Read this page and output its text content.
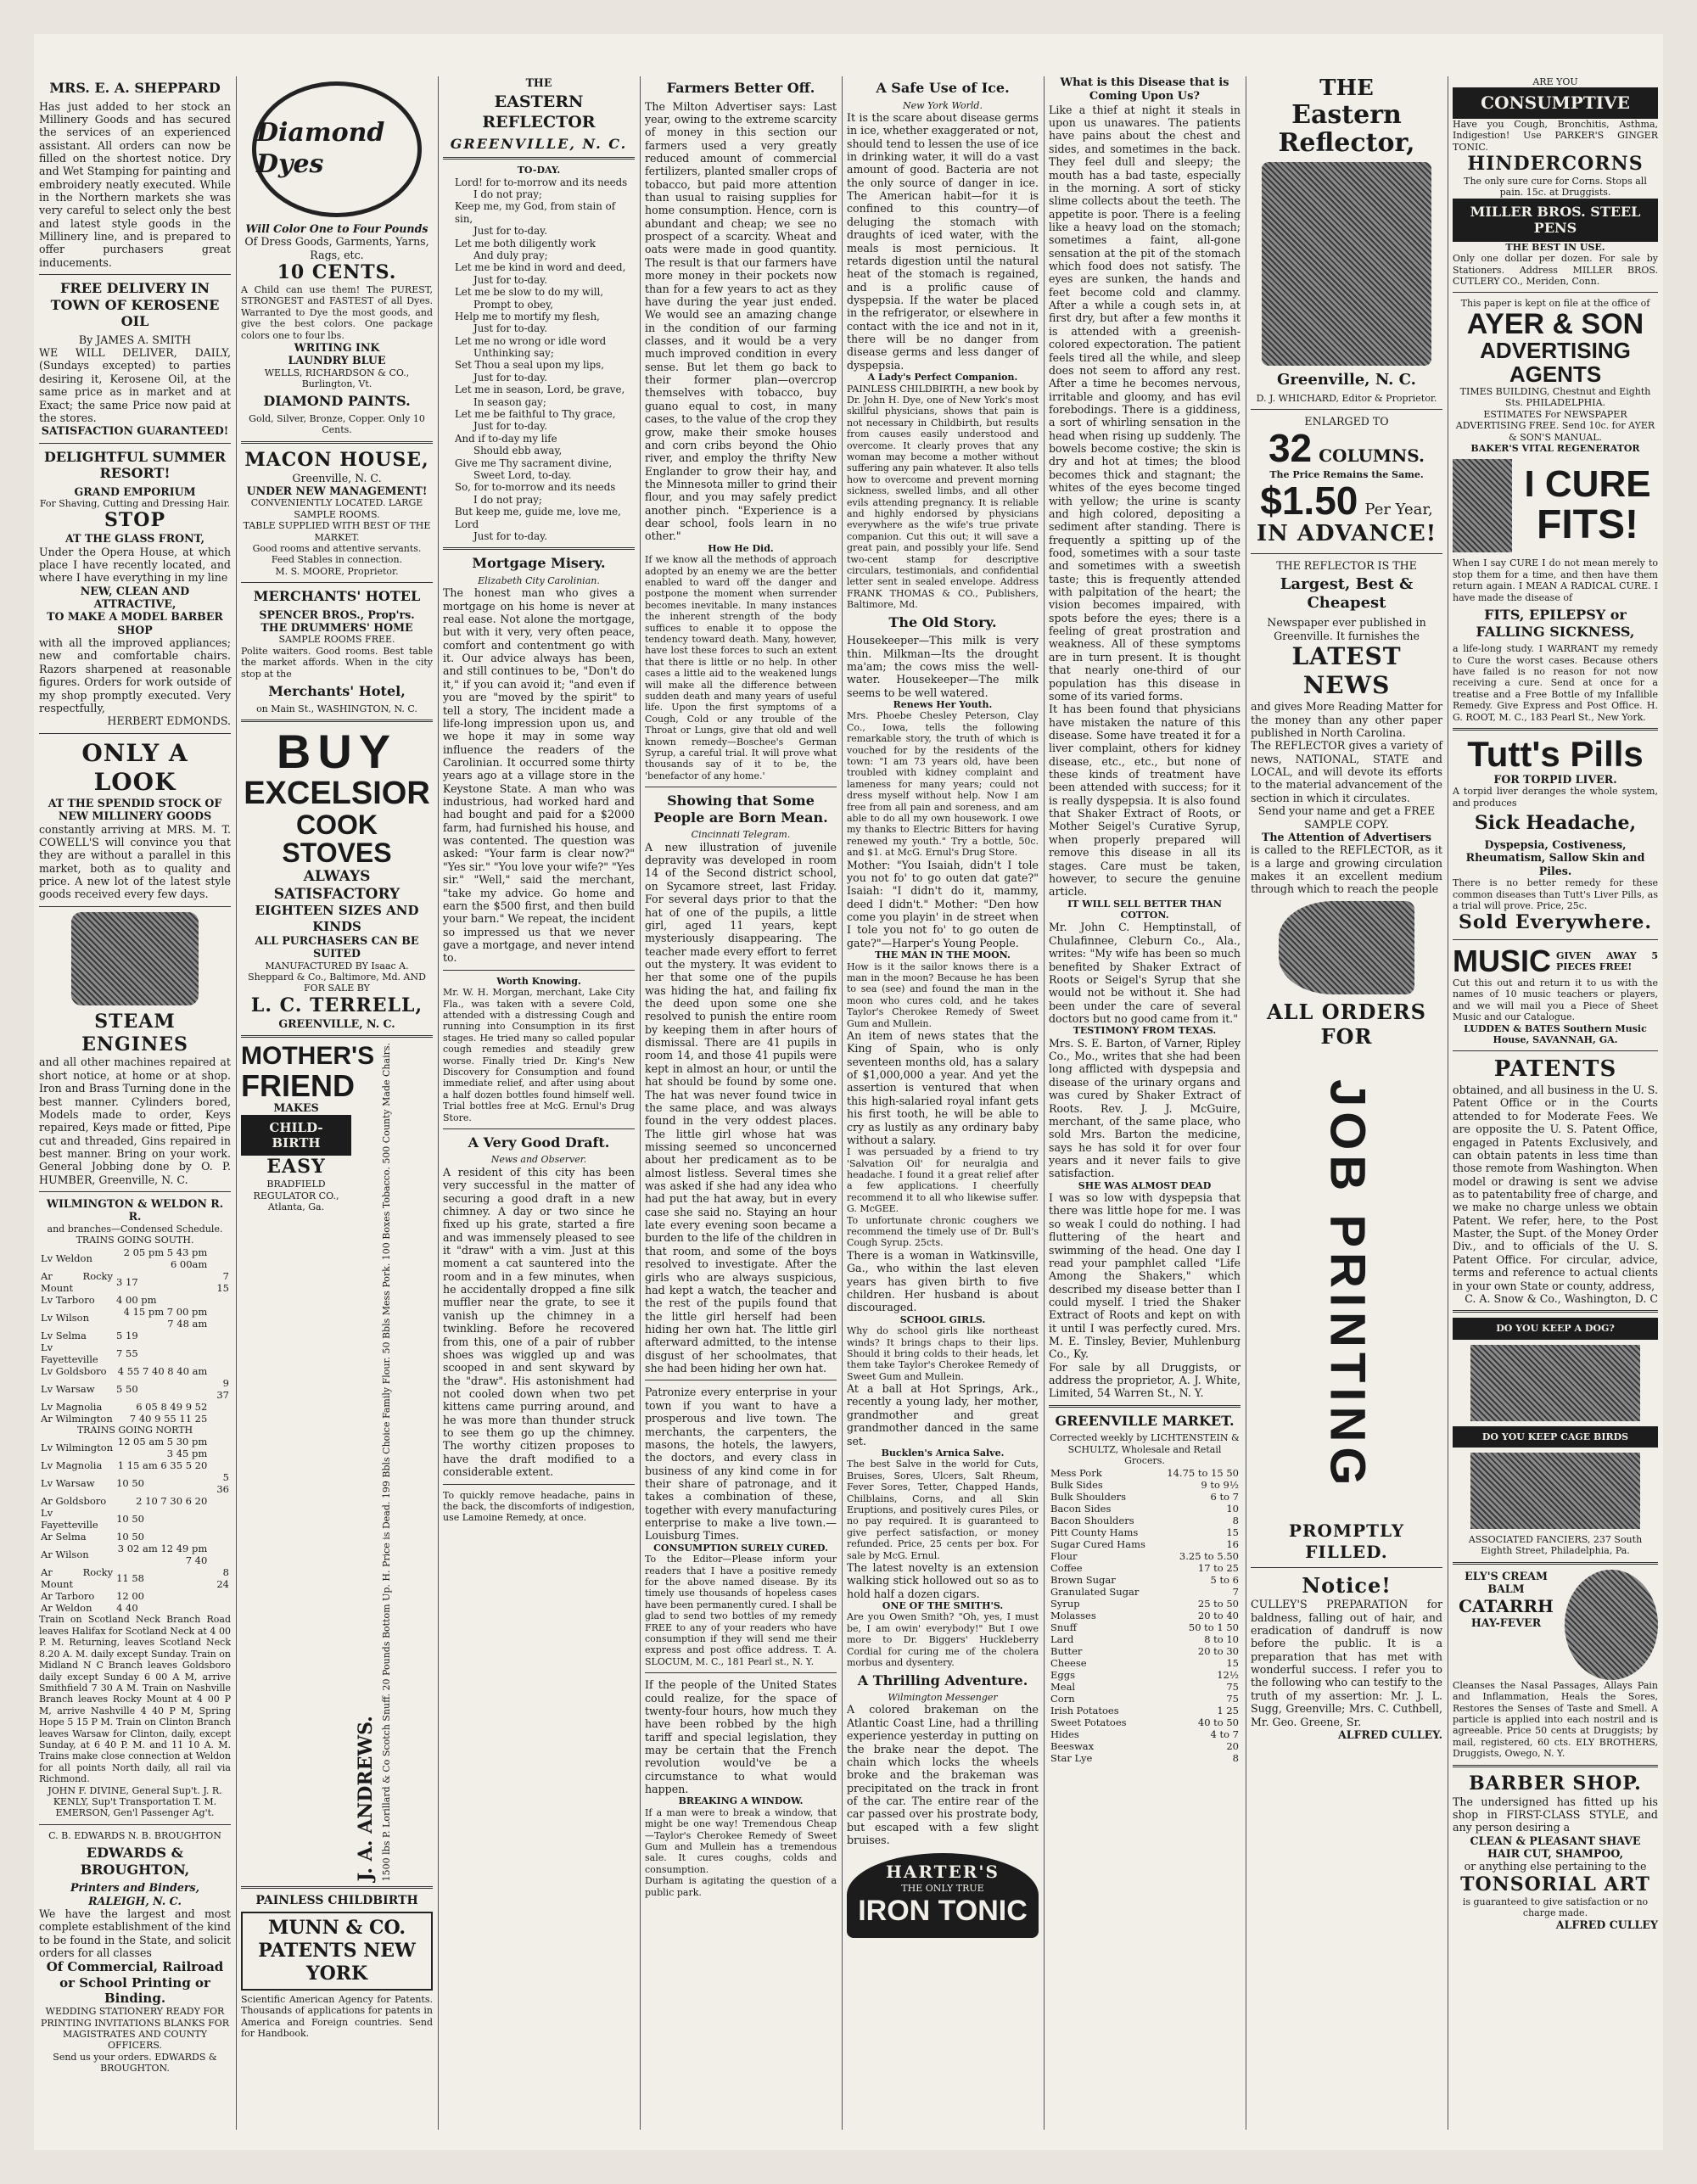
MRS. E. A. SHEPPARD
Has just added to her stock an Millinery Goods and has secured the services of an experienced assistant. All orders can now be filled on the shortest notice. Dry and Wet Stamping for painting and embroidery neatly executed. While in the Northern markets she was very careful to select only the best and latest style goods in the Millinery line, and is prepared to offer purchasers great inducements.
FREE DELIVERY IN TOWN OF KEROSENE OIL
By JAMES A. SMITH
WE WILL DELIVER, DAILY, (Sundays excepted) to parties desiring it, Kerosene Oil, at the same price as in market and at Exact; the same Price now paid at the stores.
SATISFACTION GUARANTEED!
DELIGHTFUL SUMMER RESORT!
GRAND EMPORIUM
For Shaving, Cutting and Dressing Hair.
STOP
AT THE GLASS FRONT,
Under the Opera House, at which place I have recently located, and where I have everything in my line
NEW, CLEAN AND ATTRACTIVE,
TO MAKE A MODEL BARBER SHOP
with all the improved appliances; new and comfortable chairs. Razors sharpened at reasonable figures. Orders for work outside of my shop promptly executed. Very respectfully,
HERBERT EDMONDS.
ONLY A LOOK
AT THE SPENDID STOCK OF NEW MILLINERY GOODS
constantly arriving at MRS. M. T. COWELL'S will convince you that they are without a parallel in this market, both as to quality and price. A new lot of the latest style goods received every few days.
STEAM ENGINES
and all other machines repaired at short notice, at home or at shop. Iron and Brass Turning done in the best manner. Cylinders bored, Models made to order, Keys repaired, Keys made or fitted, Pipe cut and threaded, Gins repaired in best manner. Bring on your work. General Jobbing done by O. P. HUMBER, Greenville, N. C.
WILMINGTON & WELDON R. R.
and branches—Condensed Schedule.
TRAINS GOING SOUTH.
Lv Weldon	2 05 pm 5 43 pm 6 00am	
Ar Rocky Mount	3 17	7 15
Lv Tarboro	4 00 pm	
Lv Wilson	4 15 pm 7 00 pm 7 48 am	
Lv Selma	5 19	
Lv Fayetteville	7 55	
Lv Goldsboro	4 55 7 40 8 40 am	
Lv Warsaw	5 50	9 37
Lv Magnolia	6 05 8 49 9 52	
Ar Wilmington	7 40 9 55 11 25	
TRAINS GOING NORTH
Lv Wilmington	12 05 am 5 30 pm 3 45 pm	
Lv Magnolia	1 15 am 6 35 5 20	
Lv Warsaw	10 50	5 36
Ar Goldsboro	2 10 7 30 6 20	
Lv Fayetteville	10 50	
Ar Selma	10 50	
Ar Wilson	3 02 am 12 49 pm 7 40	
Ar Rocky Mount	11 58	8 24
Ar Tarboro	12 00	
Ar Weldon	4 40	
Train on Scotland Neck Branch Road leaves Halifax for Scotland Neck at 4 00 P. M. Returning, leaves Scotland Neck 8.20 A. M. daily except Sunday. Train on Midland N C Branch leaves Goldsboro daily except Sunday 6 00 A M, arrive Smithfield 7 30 A M. Train on Nashville Branch leaves Rocky Mount at 4 00 P M, arrive Nashville 4 40 P M, Spring Hope 5 15 P M. Train on Clinton Branch leaves Warsaw for Clinton, daily, except Sunday, at 6 40 P. M. and 11 10 A. M. Trains make close connection at Weldon for all points North daily, all rail via Richmond.
JOHN F. DIVINE, General Sup't. J. R. KENLY, Sup't Transportation T. M. EMERSON, Gen'l Passenger Ag't.
C. B. EDWARDS N. B. BROUGHTON
EDWARDS & BROUGHTON,
Printers and Binders, RALEIGH, N. C.
We have the largest and most complete establishment of the kind to be found in the State, and solicit orders for all classes
Of Commercial, Railroad or School Printing or Binding.
WEDDING STATIONERY READY FOR PRINTING INVITATIONS BLANKS FOR MAGISTRATES AND COUNTY OFFICERS.
Send us your orders. EDWARDS & BROUGHTON.
Diamond Dyes
Will Color One to Four Pounds
Of Dress Goods, Garments, Yarns, Rags, etc.
10 CENTS.
A Child can use them! The PUREST, STRONGEST and FASTEST of all Dyes. Warranted to Dye the most goods, and give the best colors. One package colors one to four lbs.
WRITING INK
LAUNDRY BLUE
WELLS, RICHARDSON & CO., Burlington, Vt.
DIAMOND PAINTS.
Gold, Silver, Bronze, Copper. Only 10 Cents.
MACON HOUSE,
Greenville, N. C.
UNDER NEW MANAGEMENT!
CONVENIENTLY LOCATED. LARGE SAMPLE ROOMS.
TABLE SUPPLIED WITH BEST OF THE MARKET.
Good rooms and attentive servants.
Feed Stables in connection.
M. S. MOORE, Proprietor.
MERCHANTS' HOTEL
SPENCER BROS., Prop'rs.
THE DRUMMERS' HOME
SAMPLE ROOMS FREE.
Polite waiters. Good rooms. Best table the market affords. When in the city stop at the
Merchants' Hotel,
on Main St., WASHINGTON, N. C.
BUY
EXCELSIOR
COOK STOVES
ALWAYS SATISFACTORY
EIGHTEEN SIZES AND KINDS
ALL PURCHASERS CAN BE SUITED
MANUFACTURED BY Isaac A. Sheppard & Co., Baltimore, Md. AND FOR SALE BY
L. C. TERRELL,
GREENVILLE, N. C.
MOTHER'S
FRIEND
MAKES
CHILD-BIRTH
EASY
BRADFIELD REGULATOR CO., Atlanta, Ga.
J. A. ANDREWS. 1500 lbs P. Lorillard & Co Scotch Snuff. 20 Pounds Bottom Up. H. Price is Dead. 199 Bbls Choice Family Flour. 50 Bbls Mess Pork. 100 Boxes Tobacco. 500 County Made Chairs.
PAINLESS CHILDBIRTH
MUNN & CO. PATENTS NEW YORK
Scientific American Agency for Patents. Thousands of applications for patents in America and Foreign countries. Send for Handbook.
THE
EASTERN REFLECTOR
GREENVILLE, N. C.
TO-DAY.
Lord! for to-morrow and its needs
I do not pray;
Keep me, my God, from stain of sin,
Just for to-day.
Let me both diligently work
And duly pray;
Let me be kind in word and deed,
Just for to-day.
Let me be slow to do my will,
Prompt to obey,
Help me to mortify my flesh,
Just for to-day.
Let me no wrong or idle word
Unthinking say;
Set Thou a seal upon my lips,
Just for to-day.
Let me in season, Lord, be grave,
In season gay;
Let me be faithful to Thy grace,
Just for to-day.
And if to-day my life
Should ebb away,
Give me Thy sacrament divine,
Sweet Lord, to-day.
So, for to-morrow and its needs
I do not pray;
But keep me, guide me, love me, Lord
Just for to-day.
Mortgage Misery.
Elizabeth City Carolinian.
The honest man who gives a mortgage on his home is never at real ease. Not alone the mortgage, but with it very, very often peace, comfort and contentment go with it. Our advice always has been, and still continues to be, "Don't do it," if you can avoid it; "and even if you are "moved by the spirit" to tell a story, The incident made a life-long impression upon us, and we hope it may in some way influence the readers of the Carolinian. It occurred some thirty years ago at a village store in the Keystone State. A man who was industrious, had worked hard and had bought and paid for a $2000 farm, had furnished his house, and was contented. The question was asked: "Your farm is clear now?" "Yes sir." "You love your wife?" "Yes sir." "Well," said the merchant, "take my advice. Go home and earn the $500 first, and then build your barn." We repeat, the incident so impressed us that we never gave a mortgage, and never intend to.
Worth Knowing.
Mr. W. H. Morgan, merchant, Lake City Fla., was taken with a severe Cold, attended with a distressing Cough and running into Consumption in its first stages. He tried many so called popular cough remedies and steadily grew worse. Finally tried Dr. King's New Discovery for Consumption and found immediate relief, and after using about a half dozen bottles found himself well. Trial bottles free at McG. Ernul's Drug Store.
A Very Good Draft.
News and Observer.
A resident of this city has been very successful in the matter of securing a good draft in a new chimney. A day or two since he fixed up his grate, started a fire and was immensely pleased to see it "draw" with a vim. Just at this moment a cat sauntered into the room and in a few minutes, when he accidentally dropped a fine silk muffler near the grate, to see it vanish up the chimney in a twinkling. Before he recovered from this, one of a pair of rubber shoes was wiggled up and was scooped in and sent skyward by the "draw". His astonishment had not cooled down when two pet kittens came purring around, and he was more than thunder struck to see them go up the chimney. The worthy citizen proposes to have the draft modified to a considerable extent.
To quickly remove headache, pains in the back, the discomforts of indigestion, use Lamoine Remedy, at once.
Farmers Better Off.
The Milton Advertiser says: Last year, owing to the extreme scarcity of money in this section our farmers used a very greatly reduced amount of commercial fertilizers, planted smaller crops of tobacco, but paid more attention than usual to raising supplies for home consumption. Hence, corn is abundant and cheap; we see no prospect of a scarcity. Wheat and oats were made in good quantity. The result is that our farmers have more money in their pockets now than for a few years to act as they have during the year just ended. We would see an amazing change in the condition of our farming classes, and it would be a very much improved condition in every sense. But let them go back to their former plan—overcrop themselves with tobacco, buy guano equal to cost, in many cases, to the value of the crop they grow, make their smoke houses and corn cribs beyond the Ohio river, and employ the thrifty New Englander to grow their hay, and the Minnesota miller to grind their flour, and you may safely predict another pinch. "Experience is a dear school, fools learn in no other."
How He Did.
If we know all the methods of approach adopted by an enemy we are the better enabled to ward off the danger and postpone the moment when surrender becomes inevitable. In many instances the inherent strength of the body suffices to enable it to oppose the tendency toward death. Many, however, have lost these forces to such an extent that there is little or no help. In other cases a little aid to the weakened lungs will make all the difference between sudden death and many years of useful life. Upon the first symptoms of a Cough, Cold or any trouble of the Throat or Lungs, give that old and well known remedy—Boschee's German Syrup, a careful trial. It will prove what thousands say of it to be, the 'benefactor of any home.'
Showing that Some People are Born Mean.
Cincinnati Telegram.
A new illustration of juvenile depravity was developed in room 14 of the Second district school, on Sycamore street, last Friday. For several days prior to that the hat of one of the pupils, a little girl, aged 11 years, kept mysteriously disappearing. The teacher made every effort to ferret out the mystery. It was evident to her that some one of the pupils was hiding the hat, and failing fix the deed upon some one she resolved to punish the entire room by keeping them in after hours of dismissal. There are 41 pupils in room 14, and those 41 pupils were kept in almost an hour, or until the hat should be found by some one. The hat was never found twice in the same place, and was always found in the very oddest places. The little girl whose hat was missing seemed so unconcerned about her predicament as to be almost listless. Several times she was asked if she had any idea who had put the hat away, but in every case she said no. Staying an hour late every evening soon became a burden to the life of the children in that room, and some of the boys resolved to investigate. After the girls who are always suspicious, had kept a watch, the teacher and the rest of the pupils found that the little girl herself had been hiding her own hat. The little girl afterward admitted, to the intense disgust of her schoolmates, that she had been hiding her own hat.
Patronize every enterprise in your town if you want to have a prosperous and live town. The merchants, the carpenters, the masons, the hotels, the lawyers, the doctors, and every class in business of any kind come in for their share of patronage, and it takes a combination of these, together with every manufacturing enterprise to make a live town.—Louisburg Times.
CONSUMPTION SURELY CURED.
To the Editor—Please inform your readers that I have a positive remedy for the above named disease. By its timely use thousands of hopeless cases have been permanently cured. I shall be glad to send two bottles of my remedy FREE to any of your readers who have consumption if they will send me their express and post office address. T. A. SLOCUM, M. C., 181 Pearl st., N. Y.
If the people of the United States could realize, for the space of twenty-four hours, how much they have been robbed by the high tariff and special legislation, they may be certain that the French revolution would've be a circumstance to what would happen.
BREAKING A WINDOW.
If a man were to break a window, that might be one way! Tremendous Cheap—Taylor's Cherokee Remedy of Sweet Gum and Mullein has a tremendous sale. It cures coughs, colds and consumption.
Durham is agitating the question of a public park.
A Safe Use of Ice.
New York World.
It is the scare about disease germs in ice, whether exaggerated or not, should tend to lessen the use of ice in drinking water, it will do a vast amount of good. Bacteria are not the only source of danger in ice. The American habit—for it is confined to this country—of deluging the stomach with draughts of iced water, with the meals is most pernicious. It retards digestion until the natural heat of the stomach is regained, and is a prolific cause of dyspepsia. If the water be placed in the refrigerator, or elsewhere in contact with the ice and not in it, there will be no danger from disease germs and less danger of dyspepsia.
A Lady's Perfect Companion.
PAINLESS CHILDBIRTH, a new book by Dr. John H. Dye, one of New York's most skillful physicians, shows that pain is not necessary in Childbirth, but results from causes easily understood and overcome. It clearly proves that any woman may become a mother without suffering any pain whatever. It also tells how to overcome and prevent morning sickness, swelled limbs, and all other evils attending pregnancy. It is reliable and highly endorsed by physicians everywhere as the wife's true private companion. Cut this out; it will save a great pain, and possibly your life. Send two-cent stamp for descriptive circulars, testimonials, and confidential letter sent in sealed envelope. Address FRANK THOMAS & CO., Publishers, Baltimore, Md.
The Old Story.
Housekeeper—This milk is very thin. Milkman—Its the drought ma'am; the cows miss the well-water. Housekeeper—The milk seems to be well watered.
Renews Her Youth.
Mrs. Phoebe Chesley Peterson, Clay Co., Iowa, tells the following remarkable story, the truth of which is vouched for by the residents of the town: "I am 73 years old, have been troubled with kidney complaint and lameness for many years; could not dress myself without help. Now I am free from all pain and soreness, and am able to do all my own housework. I owe my thanks to Electric Bitters for having renewed my youth." Try a bottle, 50c. and $1. at McG. Ernul's Drug Store.
Mother: "You Isaiah, didn't I tole you not fo' to go outen dat gate?" Isaiah: "I didn't do it, mammy, deed I didn't." Mother: "Den how come you playin' in de street when I tole you not fo' to go outen de gate?"—Harper's Young People.
THE MAN IN THE MOON.
How is it the sailor knows there is a man in the moon? Because he has been to sea (see) and found the man in the moon who cures cold, and he takes Taylor's Cherokee Remedy of Sweet Gum and Mullein.
An item of news states that the King of Spain, who is only seventeen months old, has a salary of $1,000,000 a year. And yet the assertion is ventured that when this high-salaried royal infant gets his first tooth, he will be able to cry as lustily as any ordinary baby without a salary.
I was persuaded by a friend to try 'Salvation Oil' for neuralgia and headache. I found it a great relief after a few applications. I cheerfully recommend it to all who likewise suffer. G. McGEE.
To unfortunate chronic coughers we recommend the timely use of Dr. Bull's Cough Syrup. 25cts.
There is a woman in Watkinsville, Ga., who within the last eleven years has given birth to five children. Her husband is about discouraged.
SCHOOL GIRLS.
Why do school girls like northeast winds? It brings chaps to their lips. Should it bring colds to their heads, let them take Taylor's Cherokee Remedy of Sweet Gum and Mullein.
At a ball at Hot Springs, Ark., recently a young lady, her mother, grandmother and great grandmother danced in the same set.
Bucklen's Arnica Salve.
The best Salve in the world for Cuts, Bruises, Sores, Ulcers, Salt Rheum, Fever Sores, Tetter, Chapped Hands, Chilblains, Corns, and all Skin Eruptions, and positively cures Piles, or no pay required. It is guaranteed to give perfect satisfaction, or money refunded. Price, 25 cents per box. For sale by McG. Ernul.
The latest novelty is an extension walking stick hollowed out so as to hold half a dozen cigars.
ONE OF THE SMITH'S.
Are you Owen Smith? "Oh, yes, I must be, I am owin' everybody!" But I owe more to Dr. Biggers' Huckleberry Cordial for curing me of the cholera morbus and dysentery.
A Thrilling Adventure.
Wilmington Messenger
A colored brakeman on the Atlantic Coast Line, had a thrilling experience yesterday in putting on the brake near the depot. The chain which locks the wheels broke and the brakeman was precipitated on the track in front of the car. The entire rear of the car passed over his prostrate body, but escaped with a few slight bruises.
HARTER'S
THE ONLY TRUE
IRON TONIC
What is this Disease that is Coming Upon Us?
Like a thief at night it steals in upon us unawares. The patients have pains about the chest and sides, and sometimes in the back. They feel dull and sleepy; the mouth has a bad taste, especially in the morning. A sort of sticky slime collects about the teeth. The appetite is poor. There is a feeling like a heavy load on the stomach; sometimes a faint, all-gone sensation at the pit of the stomach which food does not satisfy. The eyes are sunken, the hands and feet become cold and clammy. After a while a cough sets in, at first dry, but after a few months it is attended with a greenish-colored expectoration. The patient feels tired all the while, and sleep does not seem to afford any rest. After a time he becomes nervous, irritable and gloomy, and has evil forebodings. There is a giddiness, a sort of whirling sensation in the head when rising up suddenly. The bowels become costive; the skin is dry and hot at times; the blood becomes thick and stagnant; the whites of the eyes become tinged with yellow; the urine is scanty and high colored, depositing a sediment after standing. There is frequently a spitting up of the food, sometimes with a sour taste and sometimes with a sweetish taste; this is frequently attended with palpitation of the heart; the vision becomes impaired, with spots before the eyes; there is a feeling of great prostration and weakness. All of these symptoms are in turn present. It is thought that nearly one-third of our population has this disease in some of its varied forms.
It has been found that physicians have mistaken the nature of this disease. Some have treated it for a liver complaint, others for kidney disease, etc., etc., but none of these kinds of treatment have been attended with success; for it is really dyspepsia. It is also found that Shaker Extract of Roots, or Mother Seigel's Curative Syrup, when properly prepared will remove this disease in all its stages. Care must be taken, however, to secure the genuine article.
IT WILL SELL BETTER THAN COTTON.
Mr. John C. Hemptinstall, of Chulafinnee, Cleburn Co., Ala., writes: "My wife has been so much benefited by Shaker Extract of Roots or Seigel's Syrup that she would not be without it. She had been under the care of several doctors but no good came from it."
TESTIMONY FROM TEXAS.
Mrs. S. E. Barton, of Varner, Ripley Co., Mo., writes that she had been long afflicted with dyspepsia and disease of the urinary organs and was cured by Shaker Extract of Roots. Rev. J. J. McGuire, merchant, of the same place, who sold Mrs. Barton the medicine, says he has sold it for over four years and it never fails to give satisfaction.
SHE WAS ALMOST DEAD
I was so low with dyspepsia that there was little hope for me. I was so weak I could do nothing. I had fluttering of the heart and swimming of the head. One day I read your pamphlet called "Life Among the Shakers," which described my disease better than I could myself. I tried the Shaker Extract of Roots and kept on with it until I was perfectly cured. Mrs. M. E. Tinsley, Bevier, Muhlenburg Co., Ky.
For sale by all Druggists, or address the proprietor, A. J. White, Limited, 54 Warren St., N. Y.
GREENVILLE MARKET.
Corrected weekly by LICHTENSTEIN & SCHULTZ, Wholesale and Retail Grocers.
Mess Pork	14.75 to 15 50
Bulk Sides	9 to 9½
Bulk Shoulders	6 to 7
Bacon Sides	10
Bacon Shoulders	8
Pitt County Hams	15
Sugar Cured Hams	16
Flour	3.25 to 5.50
Coffee	17 to 25
Brown Sugar	5 to 6
Granulated Sugar	7
Syrup	25 to 50
Molasses	20 to 40
Snuff	50 to 1 50
Lard	8 to 10
Butter	20 to 30
Cheese	15
Eggs	12½
Meal	75
Corn	75
Irish Potatoes	1 25
Sweet Potatoes	40 to 50
Hides	4 to 7
Beeswax	20
Star Lye	8
THE
Eastern Reflector,
Greenville, N. C.
D. J. WHICHARD, Editor & Proprietor.
ENLARGED TO
32 COLUMNS.
The Price Remains the Same.
$1.50 Per Year,
IN ADVANCE!
THE REFLECTOR IS THE
Largest, Best & Cheapest
Newspaper ever published in Greenville. It furnishes the
LATEST NEWS
and gives More Reading Matter for the money than any other paper published in North Carolina.
The REFLECTOR gives a variety of news, NATIONAL, STATE and LOCAL, and will devote its efforts to the material advancement of the section in which it circulates.
Send your name and get a FREE SAMPLE COPY.
The Attention of Advertisers
is called to the REFLECTOR, as it is a large and growing circulation makes it an excellent medium through which to reach the people
ALL ORDERS FOR
JOB PRINTING
PROMPTLY FILLED.
Notice!
CULLEY'S PREPARATION for baldness, falling out of hair, and eradication of dandruff is now before the public. It is a preparation that has met with wonderful success. I refer you to the following who can testify to the truth of my assertion: Mr. J. L. Sugg, Greenville; Mrs. C. Cuthbell, Mr. Geo. Greene, Sr.
ALFRED CULLEY.
ARE YOU
CONSUMPTIVE
Have you Cough, Bronchitis, Asthma, Indigestion! Use PARKER'S GINGER TONIC.
HINDERCORNS
The only sure cure for Corns. Stops all pain. 15c. at Druggists.
MILLER BROS. STEEL PENS
THE BEST IN USE.
Only one dollar per dozen. For sale by Stationers. Address MILLER BROS. CUTLERY CO., Meriden, Conn.
This paper is kept on file at the office of
AYER & SON
ADVERTISING AGENTS
TIMES BUILDING, Chestnut and Eighth Sts. PHILADELPHIA.
ESTIMATES For NEWSPAPER ADVERTISING FREE. Send 10c. for AYER & SON'S MANUAL.
BAKER'S VITAL REGENERATOR
I CURE
FITS!
When I say CURE I do not mean merely to stop them for a time, and then have them return again. I MEAN A RADICAL CURE. I have made the disease of
FITS, EPILEPSY or FALLING SICKNESS,
a life-long study. I WARRANT my remedy to Cure the worst cases. Because others have failed is no reason for not now receiving a cure. Send at once for a treatise and a Free Bottle of my Infallible Remedy. Give Express and Post Office. H. G. ROOT, M. C., 183 Pearl St., New York.
Tutt's Pills
FOR TORPID LIVER.
A torpid liver deranges the whole system, and produces
Sick Headache,
Dyspepsia, Costiveness, Rheumatism, Sallow Skin and Piles.
There is no better remedy for these common diseases than Tutt's Liver Pills, as a trial will prove. Price, 25c.
Sold Everywhere.
MUSIC GIVEN AWAY 5 PIECES FREE!
Cut this out and return it to us with the names of 10 music teachers or players, and we will mail you a Piece of Sheet Music and our Catalogue.
LUDDEN & BATES Southern Music House, SAVANNAH, GA.
PATENTS
obtained, and all business in the U. S. Patent Office or in the Courts attended to for Moderate Fees. We are opposite the U. S. Patent Office, engaged in Patents Exclusively, and can obtain patents in less time than those remote from Washington. When model or drawing is sent we advise as to patentability free of charge, and we make no charge unless we obtain Patent. We refer, here, to the Post Master, the Supt. of the Money Order Div., and to officials of the U. S. Patent Office. For circular, advice, terms and reference to actual clients in your own State or county, address,
C. A. Snow & Co., Washington, D. C
DO YOU KEEP A DOG?
DO YOU KEEP CAGE BIRDS
ASSOCIATED FANCIERS, 237 South Eighth Street, Philadelphia, Pa.
ELY'S CREAM BALM
CATARRH
HAY-FEVER
Cleanses the Nasal Passages, Allays Pain and Inflammation, Heals the Sores, Restores the Senses of Taste and Smell. A particle is applied into each nostril and is agreeable. Price 50 cents at Druggists; by mail, registered, 60 cts. ELY BROTHERS, Druggists, Owego, N. Y.
BARBER SHOP.
The undersigned has fitted up his shop in FIRST-CLASS STYLE, and any person desiring a
CLEAN & PLEASANT SHAVE
HAIR CUT, SHAMPOO,
or anything else pertaining to the
TONSORIAL ART
is guaranteed to give satisfaction or no charge made.
ALFRED CULLEY
